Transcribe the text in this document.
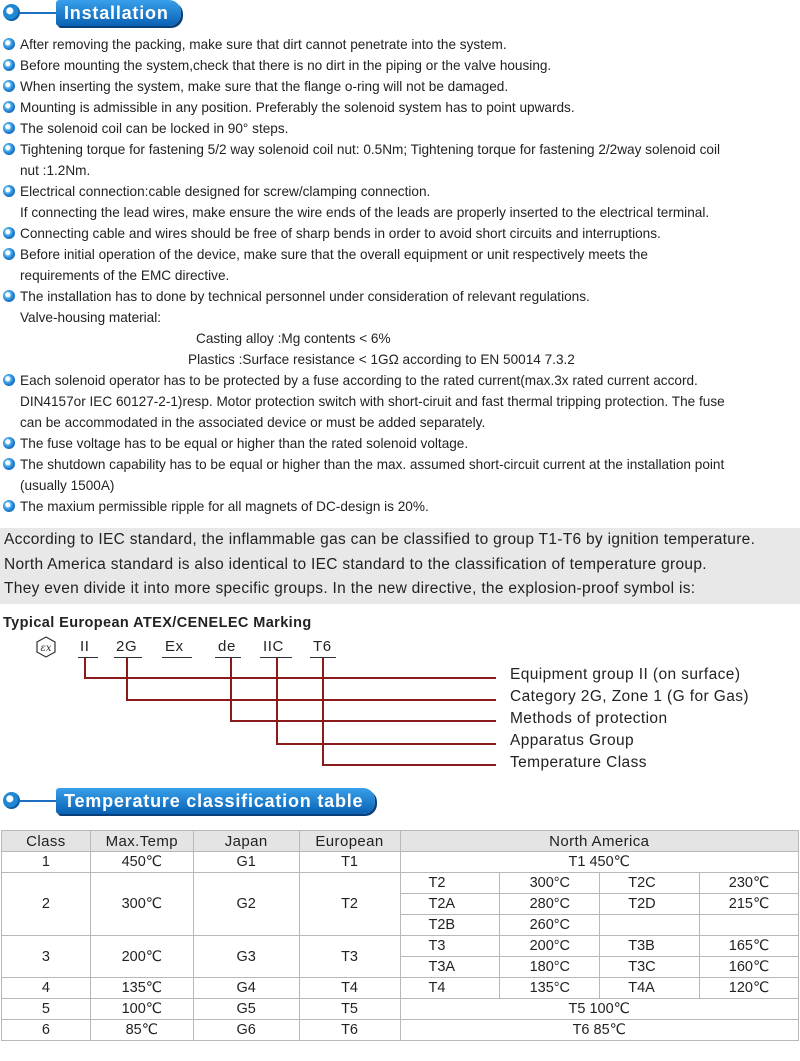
Installation
After removing the packing, make sure that dirt cannot penetrate into the system.
Before mounting the system,check that there is no dirt in the piping or the valve housing.
When inserting the system, make sure that the flange o-ring will not be damaged.
Mounting is admissible in any position. Preferably the solenoid system has to point upwards.
The solenoid coil can be locked in 90° steps.
Tightening torque for fastening 5/2 way solenoid coil nut: 0.5Nm; Tightening torque for fastening 2/2way solenoid coil
nut :1.2Nm.
Electrical connection:cable designed for screw/clamping connection.
If connecting the lead wires, make ensure the wire ends of the leads are properly inserted to the electrical terminal.
Connecting cable and wires should be free of sharp bends in order to avoid short circuits and interruptions.
Before initial operation of the device, make sure that the overall equipment or unit respectively meets the
requirements of the EMC directive.
The installation has to done by technical personnel under consideration of relevant regulations.
Valve-housing material:
Casting alloy :Mg contents < 6%
Plastics :Surface resistance < 1GΩ according to EN 50014 7.3.2
Each solenoid operator has to be protected by a fuse according to the rated current(max.3x rated current accord.
DIN4157or IEC 60127-2-1)resp. Motor protection switch with short-ciruit and fast thermal tripping protection. The fuse
can be accommodated in the associated device or must be added separately.
The fuse voltage has to be equal or higher than the rated solenoid voltage.
The shutdown capability has to be equal or higher than the max. assumed short-circuit current at the installation point
(usually 1500A)
The maxium permissible ripple for all magnets of DC-design is 20%.

According to IEC standard, the inflammable gas can be classified to group T1-T6 by ignition temperature.

North America standard is also identical to IEC standard to the classification of temperature group.

They even divide it into more specific groups. In the new directive, the explosion-proof symbol is:

Typical European ATEX/CENELEC Marking
εx II 2G Ex de IIC T6
Equipment group II (on surface)
Category 2G, Zone 1 (G for Gas)
Methods of protection
Apparatus Group
Temperature Class
Temperature classification table
Class	Max.Temp	Japan	European	North America			
1	450℃	G1	T1	T1 450℃			
2	300℃	G2	T2	T2	300°C	T2C	230℃
				T2A	280°C	T2D	215℃
				T2B	260°C		
3	200℃	G3	T3	T3	200°C	T3B	165℃
				T3A	180°C	T3C	160℃
4	135℃	G4	T4	T4	135°C	T4A	120℃
5	100℃	G5	T5	T5 100℃			
6	85℃	G6	T6	T6 85℃			
